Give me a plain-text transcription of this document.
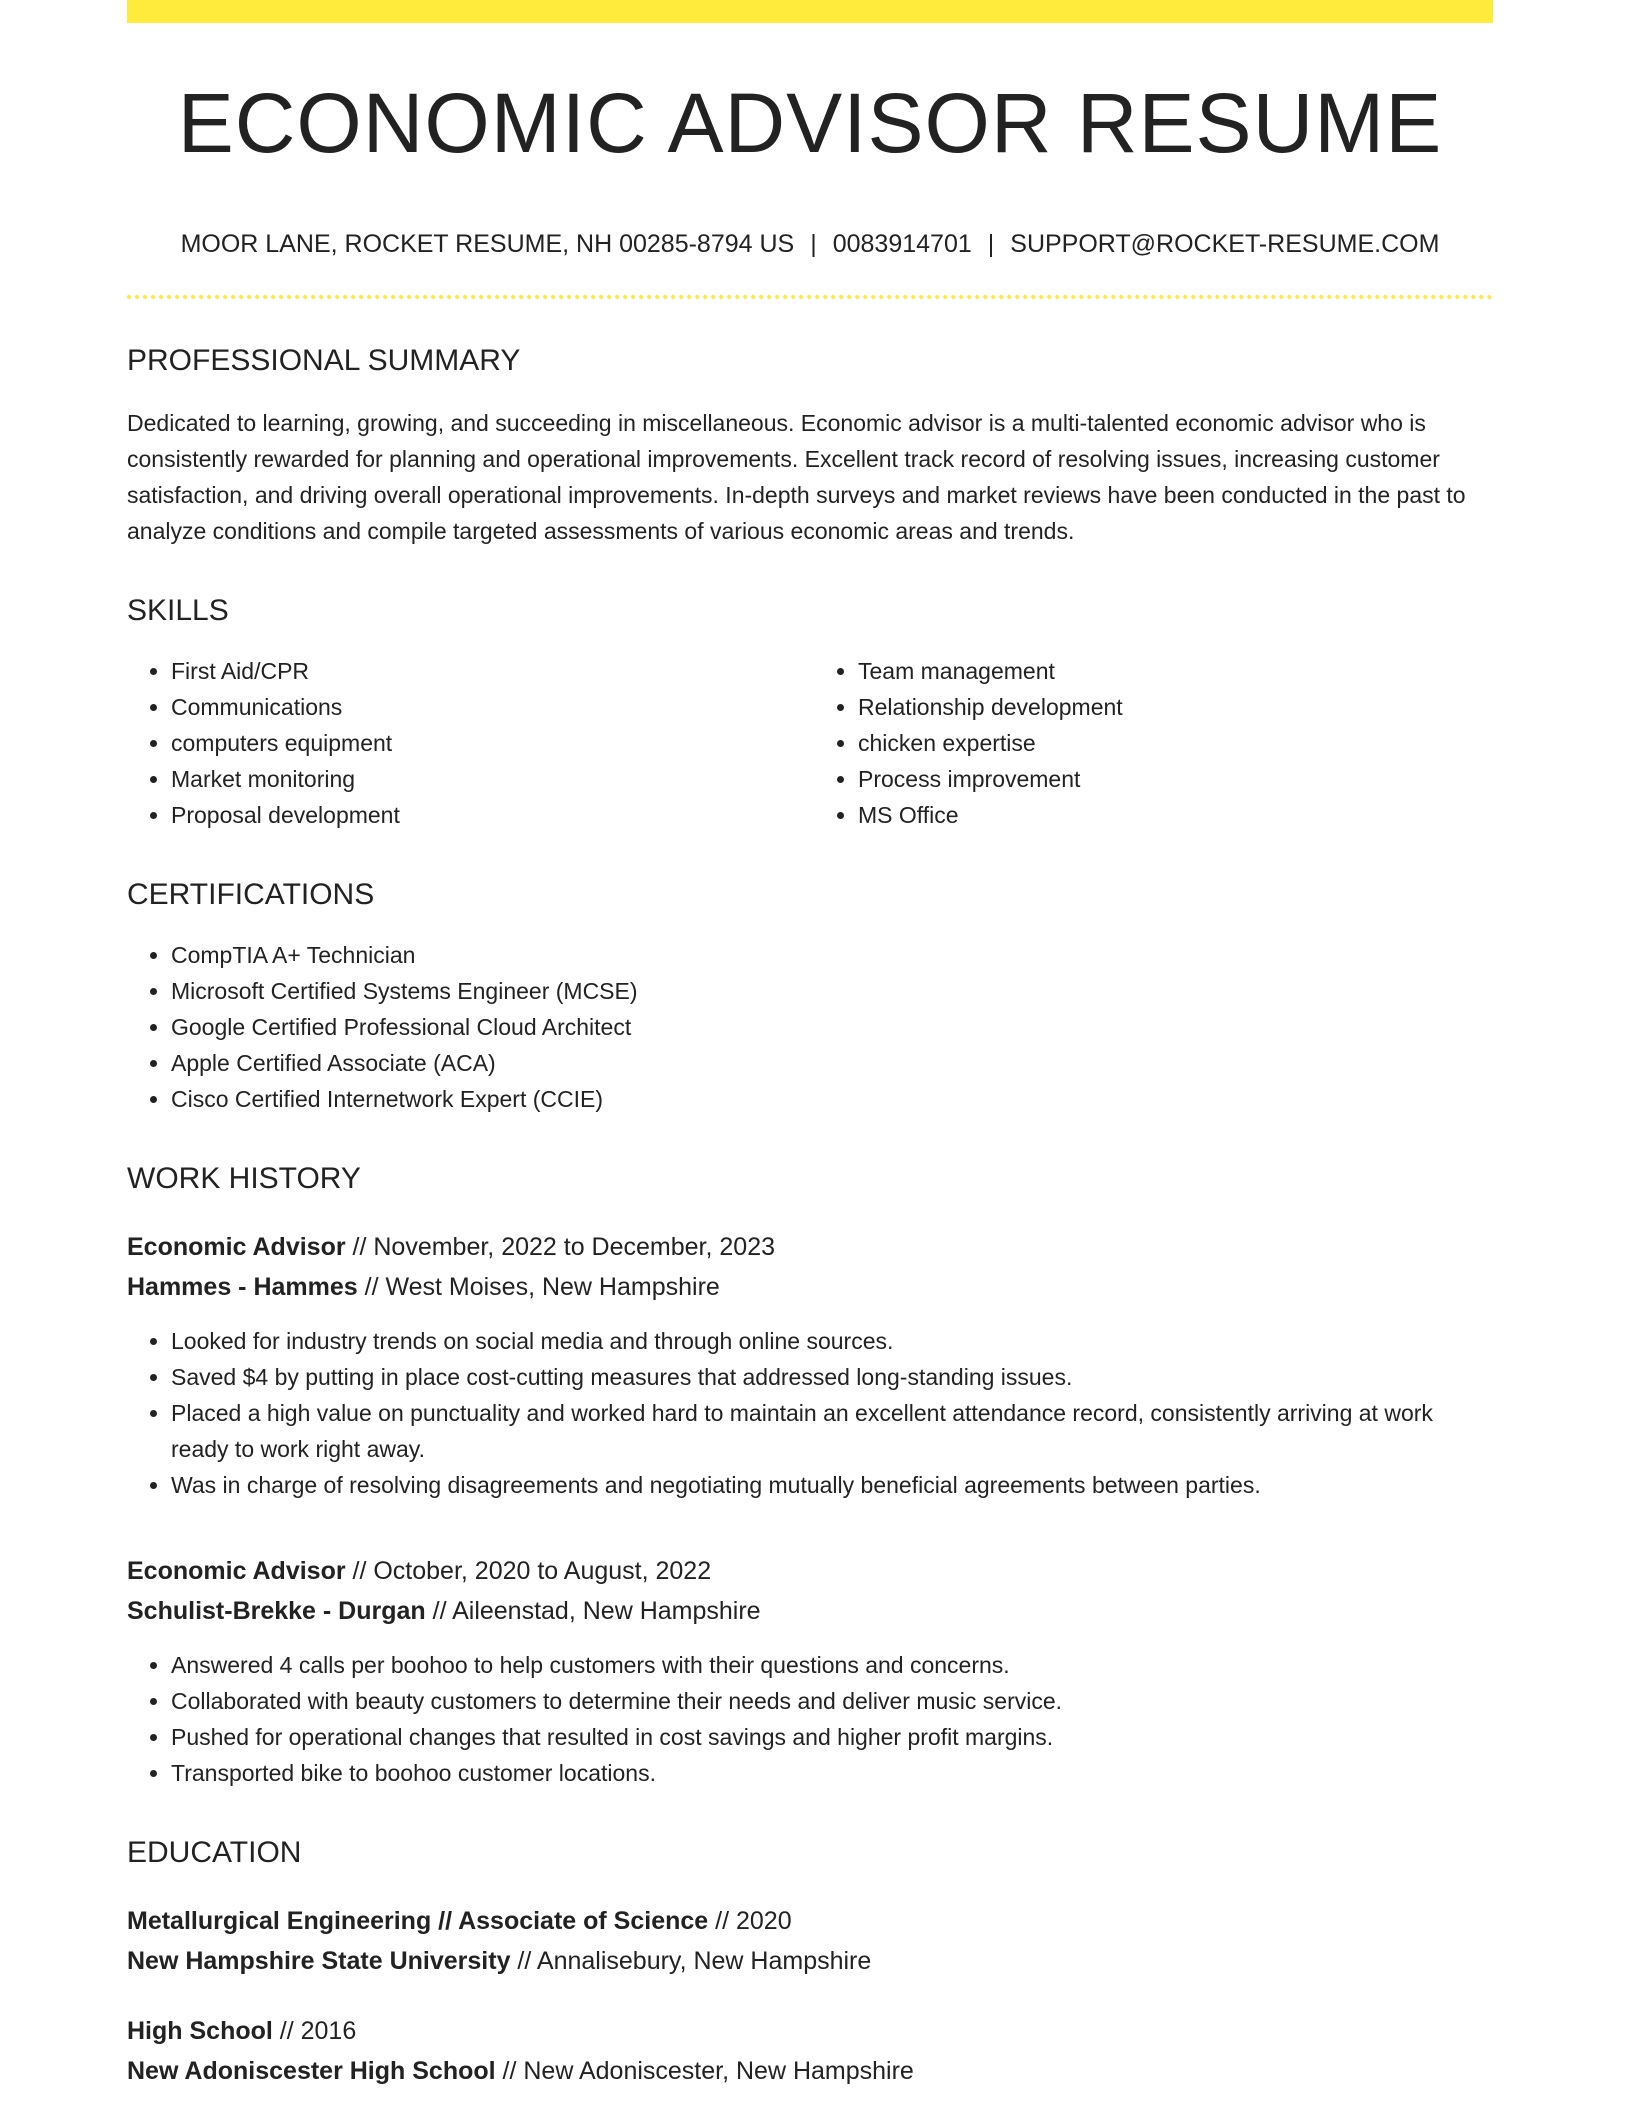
ECONOMIC ADVISOR RESUME
MOOR LANE, ROCKET RESUME, NH 00285-8794 US | 0083914701 | SUPPORT@ROCKET-RESUME.COM
PROFESSIONAL SUMMARY

Dedicated to learning, growing, and succeeding in miscellaneous. Economic advisor is a multi-talented economic advisor who is consistently rewarded for planning and operational improvements. Excellent track record of resolving issues, increasing customer satisfaction, and driving overall operational improvements. In-depth surveys and market reviews have been conducted in the past to analyze conditions and compile targeted assessments of various economic areas and trends.

SKILLS
• First Aid/CPR
• Communications
• computers equipment
• Market monitoring
• Proposal development
• Team management
• Relationship development
• chicken expertise
• Process improvement
• MS Office
CERTIFICATIONS
• CompTIA A+ Technician
• Microsoft Certified Systems Engineer (MCSE)
• Google Certified Professional Cloud Architect
• Apple Certified Associate (ACA)
• Cisco Certified Internetwork Expert (CCIE)
WORK HISTORY
Economic Advisor // November, 2022 to December, 2023
Hammes - Hammes // West Moises, New Hampshire
• Looked for industry trends on social media and through online sources.
• Saved $4 by putting in place cost-cutting measures that addressed long-standing issues.
• Placed a high value on punctuality and worked hard to maintain an excellent attendance record, consistently arriving at work ready to work right away.
• Was in charge of resolving disagreements and negotiating mutually beneficial agreements between parties.
Economic Advisor // October, 2020 to August, 2022
Schulist-Brekke - Durgan // Aileenstad, New Hampshire
• Answered 4 calls per boohoo to help customers with their questions and concerns.
• Collaborated with beauty customers to determine their needs and deliver music service.
• Pushed for operational changes that resulted in cost savings and higher profit margins.
• Transported bike to boohoo customer locations.
EDUCATION
Metallurgical Engineering // Associate of Science // 2020
New Hampshire State University // Annalisebury, New Hampshire
High School // 2016
New Adoniscester High School // New Adoniscester, New Hampshire
